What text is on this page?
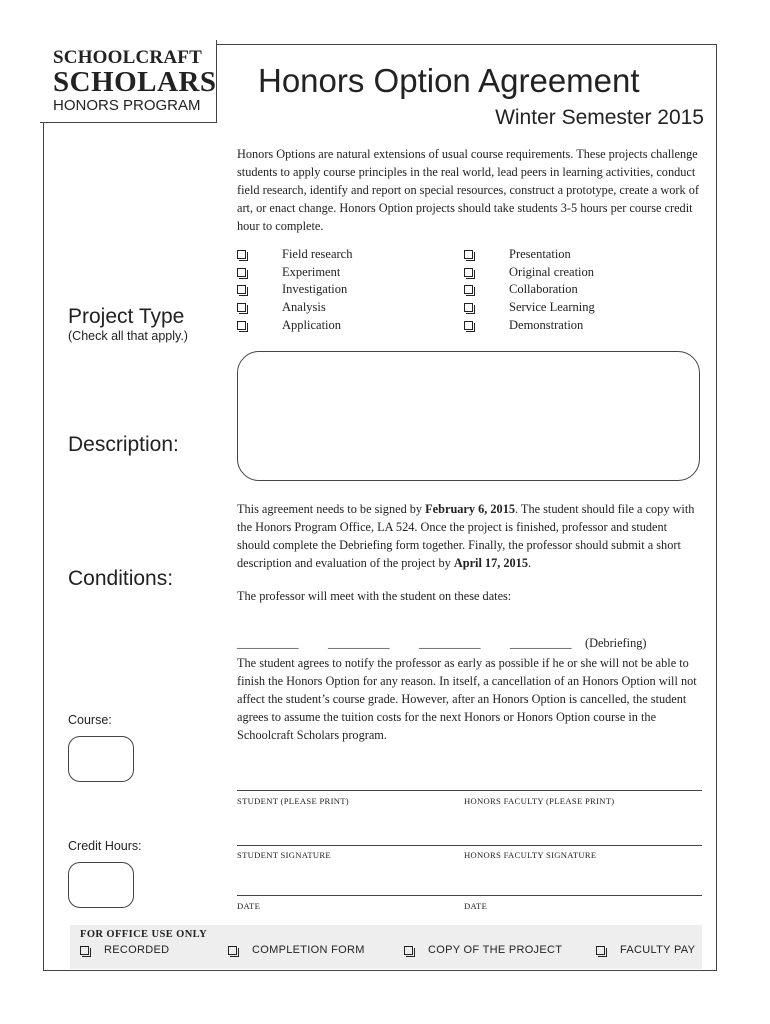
SCHOOLCRAFT
SCHOLARS
HONORS PROGRAM
Honors Option Agreement
Winter Semester 2015
Honors Options are natural extensions of usual course requirements. These projects challenge students to apply course principles in the real world, lead peers in learning activities, conduct field research, identify and report on special resources, construct a prototype, create a work of art, or enact change. Honors Option projects should take students 3-5 hours per course credit hour to complete.
Field research
Experiment
Investigation
Analysis
Application
Presentation
Original creation
Collaboration
Service Learning
Demonstration
Project Type
(Check all that apply.)
Description:
Conditions:
This agreement needs to be signed by February 6, 2015. The student should file a copy with the Honors Program Office, LA 524. Once the project is finished, professor and student should complete the Debriefing form together. Finally, the professor should submit a short description and evaluation of the project by April 17, 2015.
The professor will meet with the student on these dates:
__________ __________ __________ __________ (Debriefing)
The student agrees to notify the professor as early as possible if he or she will not be able to finish the Honors Option for any reason. In itself, a cancellation of an Honors Option will not affect the student’s course grade. However, after an Honors Option is cancelled, the student agrees to assume the tuition costs for the next Honors or Honors Option course in the Schoolcraft Scholars program.
Course:
Credit Hours:
STUDENT (PLEASE PRINT)	HONORS FACULTY (PLEASE PRINT)
STUDENT SIGNATURE	HONORS FACULTY SIGNATURE
DATE	DATE
FOR OFFICE USE ONLY
RECORDED	COMPLETION FORM	COPY OF THE PROJECT	FACULTY PAY
